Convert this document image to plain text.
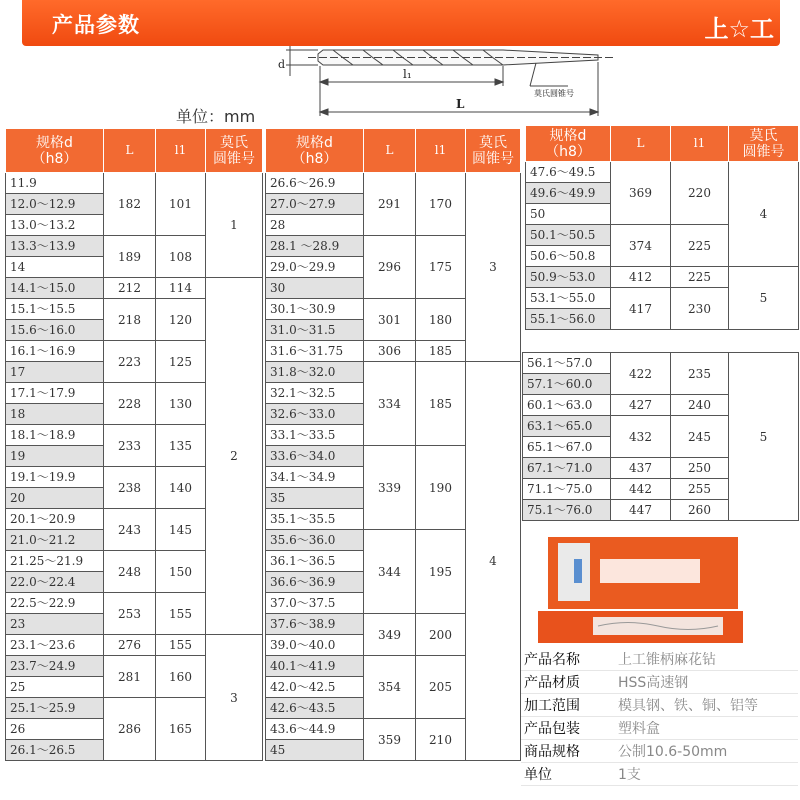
产品参数	上☆工
d
l₁
L
莫氏圆锥号
单位：mm
规格d
（h8）	L	l1	莫氏
圆锥号
11.9	182	101	1
12.0～12.9			
13.0～13.2			
13.3～13.9	189	108	
14			
14.1～15.0	212	114	2
15.1～15.5	218	120	
15.6～16.0			
16.1～16.9	223	125	
17			
17.1～17.9	228	130	
18			
18.1～18.9	233	135	
19			
19.1～19.9	238	140	
20			
20.1～20.9	243	145	
21.0～21.2			
21.25～21.9	248	150	
22.0～22.4			
22.5～22.9	253	155	
23			
23.1～23.6	276	155	3
23.7～24.9	281	160	
25			
25.1～25.9	286	165	
26			
26.1～26.5			
规格d
（h8）	L	l1	莫氏
圆锥号
26.6～26.9	291	170	3
27.0～27.9			
28			
28.1 ～28.9	296	175	
29.0～29.9			
30			
30.1～30.9	301	180	
31.0～31.5			
31.6～31.75	306	185	
31.8～32.0	334	185	4
32.1～32.5			
32.6～33.0			
33.1～33.5			
33.6～34.0	339	190	
34.1～34.9			
35			
35.1～35.5			
35.6～36.0	344	195	
36.1～36.5			
36.6～36.9			
37.0～37.5			
37.6～38.9	349	200	
39.0～40.0			
40.1～41.9	354	205	
42.0～42.5			
42.6～43.5			
43.6～44.9	359	210	
45			
规格d
（h8）	L	l1	莫氏
圆锥号
47.6～49.5	369	220	4
49.6～49.9			
50			
50.1～50.5	374	225	
50.6～50.8			
50.9～53.0	412	225	5
53.1～55.0	417	230	
55.1～56.0			
56.1～57.0	422	235	5
57.1～60.0			
60.1～63.0	427	240	
63.1～65.0	432	245	
65.1～67.0			
67.1～71.0	437	250	
71.1～75.0	442	255	
75.1～76.0	447	260	
产品名称	上工锥柄麻花钻
产品材质	HSS高速钢
加工范围	模具钢、铁、铜、铝等
产品包装	塑料盒
商品规格	公制10.6-50mm
单位	1支
